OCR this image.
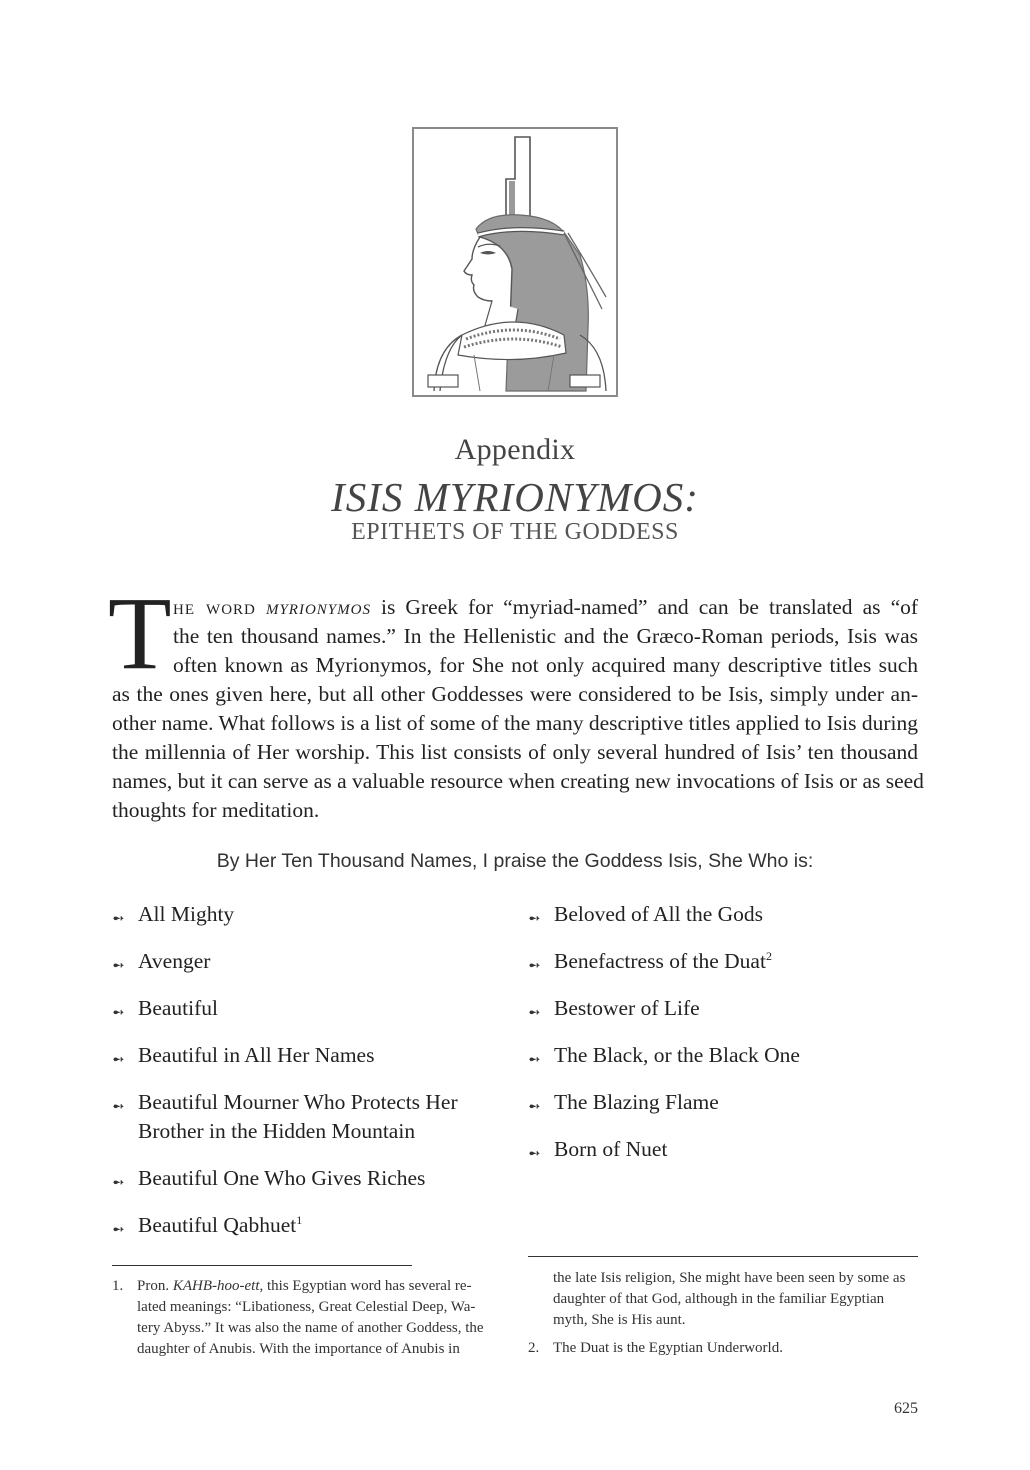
Appendix
ISIS MYRIONYMOS:
EPITHETS OF THE GODDESS
T he word myrionymos is Greek for “myriad-named” and can be translated as “of
the ten thousand names.” In the Hellenistic and the Græco-Roman periods, Isis was
often known as Myrionymos, for She not only acquired many descriptive titles such
as the ones given here, but all other Goddesses were considered to be Isis, simply under an-
other name. What follows is a list of some of the many descriptive titles applied to Isis during
the millennia of Her worship. This list consists of only several hundred of Isis’ ten thousand
names, but it can serve as a valuable resource when creating new invocations of Isis or as seed
thoughts for meditation.
By Her Ten Thousand Names, I praise the Goddess Isis, She Who is:
➻ All Mighty
➻ Avenger
➻ Beautiful
➻ Beautiful in All Her Names
➻ Beautiful Mourner Who Protects Her
Brother in the Hidden Mountain
➻ Beautiful One Who Gives Riches
➻ Beautiful Qabhuet$^1$
➻ Beloved of All the Gods
➻ Benefactress of the Duat$^2$
➻ Bestower of Life
➻ The Black, or the Black One
➻ The Blazing Flame
➻ Born of Nuet
1. Pron. KAHB-hoo-ett, this Egyptian word has several re-
lated meanings: “Libationess, Great Celestial Deep, Wa-
tery Abyss.” It was also the name of another Goddess, the
daughter of Anubis. With the importance of Anubis in
the late Isis religion, She might have been seen by some as
daughter of that God, although in the familiar Egyptian
myth, She is His aunt.
2. The Duat is the Egyptian Underworld.
625
